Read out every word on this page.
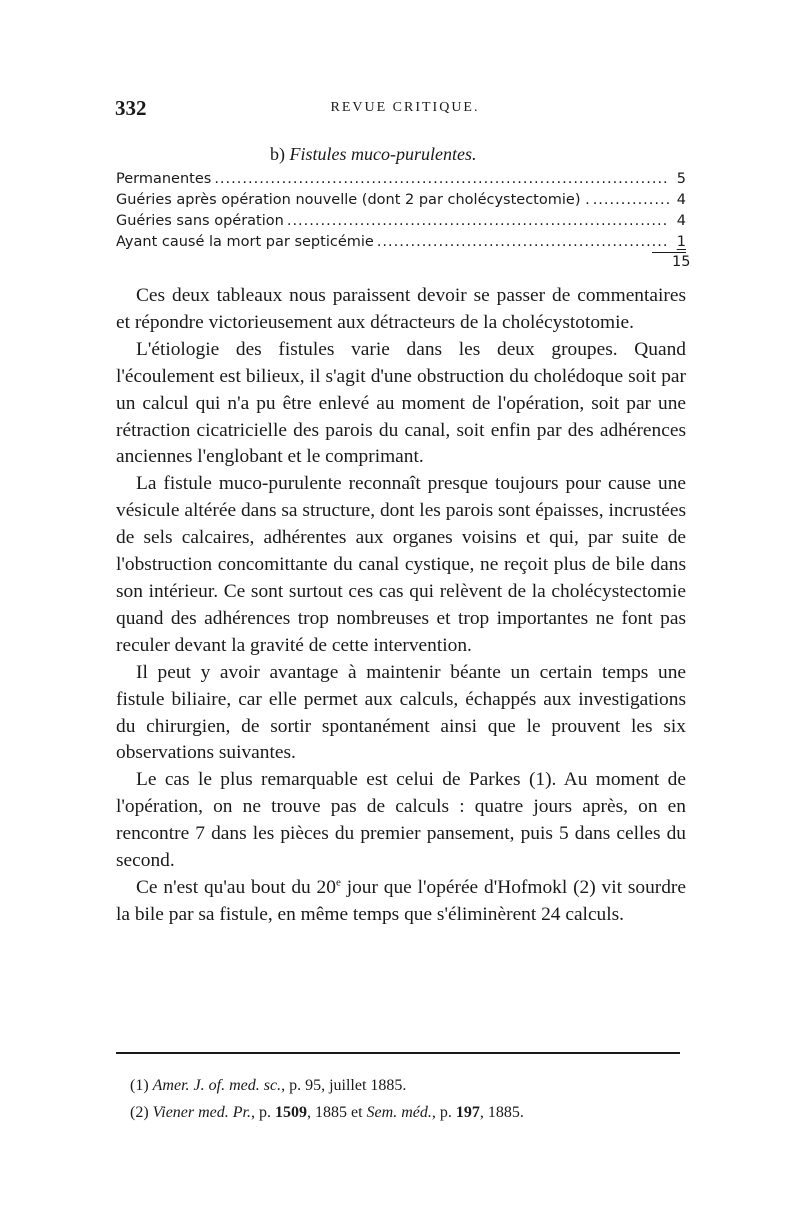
332	REVUE CRITIQUE.
b) Fistules muco-purulentes.
Permanentes .....	5
Guéries après opération nouvelle (dont 2 par cholécystectomie) . .....	4
Guéries sans opération .....	4
Ayant causé la mort par septicémie .....	1
15

Ces deux tableaux nous paraissent devoir se passer de commentaires et répondre victorieusement aux détracteurs de la cholécystotomie.

L'étiologie des fistules varie dans les deux groupes. Quand l'écoulement est bilieux, il s'agit d'une obstruction du cholédoque soit par un calcul qui n'a pu être enlevé au moment de l'opération, soit par une rétraction cicatricielle des parois du canal, soit enfin par des adhérences anciennes l'englobant et le comprimant.

La fistule muco-purulente reconnaît presque toujours pour cause une vésicule altérée dans sa structure, dont les parois sont épaisses, incrustées de sels calcaires, adhérentes aux organes voisins et qui, par suite de l'obstruction concomittante du canal cystique, ne reçoit plus de bile dans son intérieur. Ce sont surtout ces cas qui relèvent de la cholécystectomie quand des adhérences trop nombreuses et trop importantes ne font pas reculer devant la gravité de cette intervention.

Il peut y avoir avantage à maintenir béante un certain temps une fistule biliaire, car elle permet aux calculs, échappés aux investigations du chirurgien, de sortir spontanément ainsi que le prouvent les six observations suivantes.

Le cas le plus remarquable est celui de Parkes (1). Au moment de l'opération, on ne trouve pas de calculs : quatre jours après, on en rencontre 7 dans les pièces du premier pansement, puis 5 dans celles du second.

Ce n'est qu'au bout du 20e jour que l'opérée d'Hofmokl (2) vit sourdre la bile par sa fistule, en même temps que s'éliminèrent 24 calculs.

(1) Amer. J. of. med. sc., p. 95, juillet 1885.
(2) Viener med. Pr., p. 1509, 1885 et Sem. méd., p. 197, 1885.
